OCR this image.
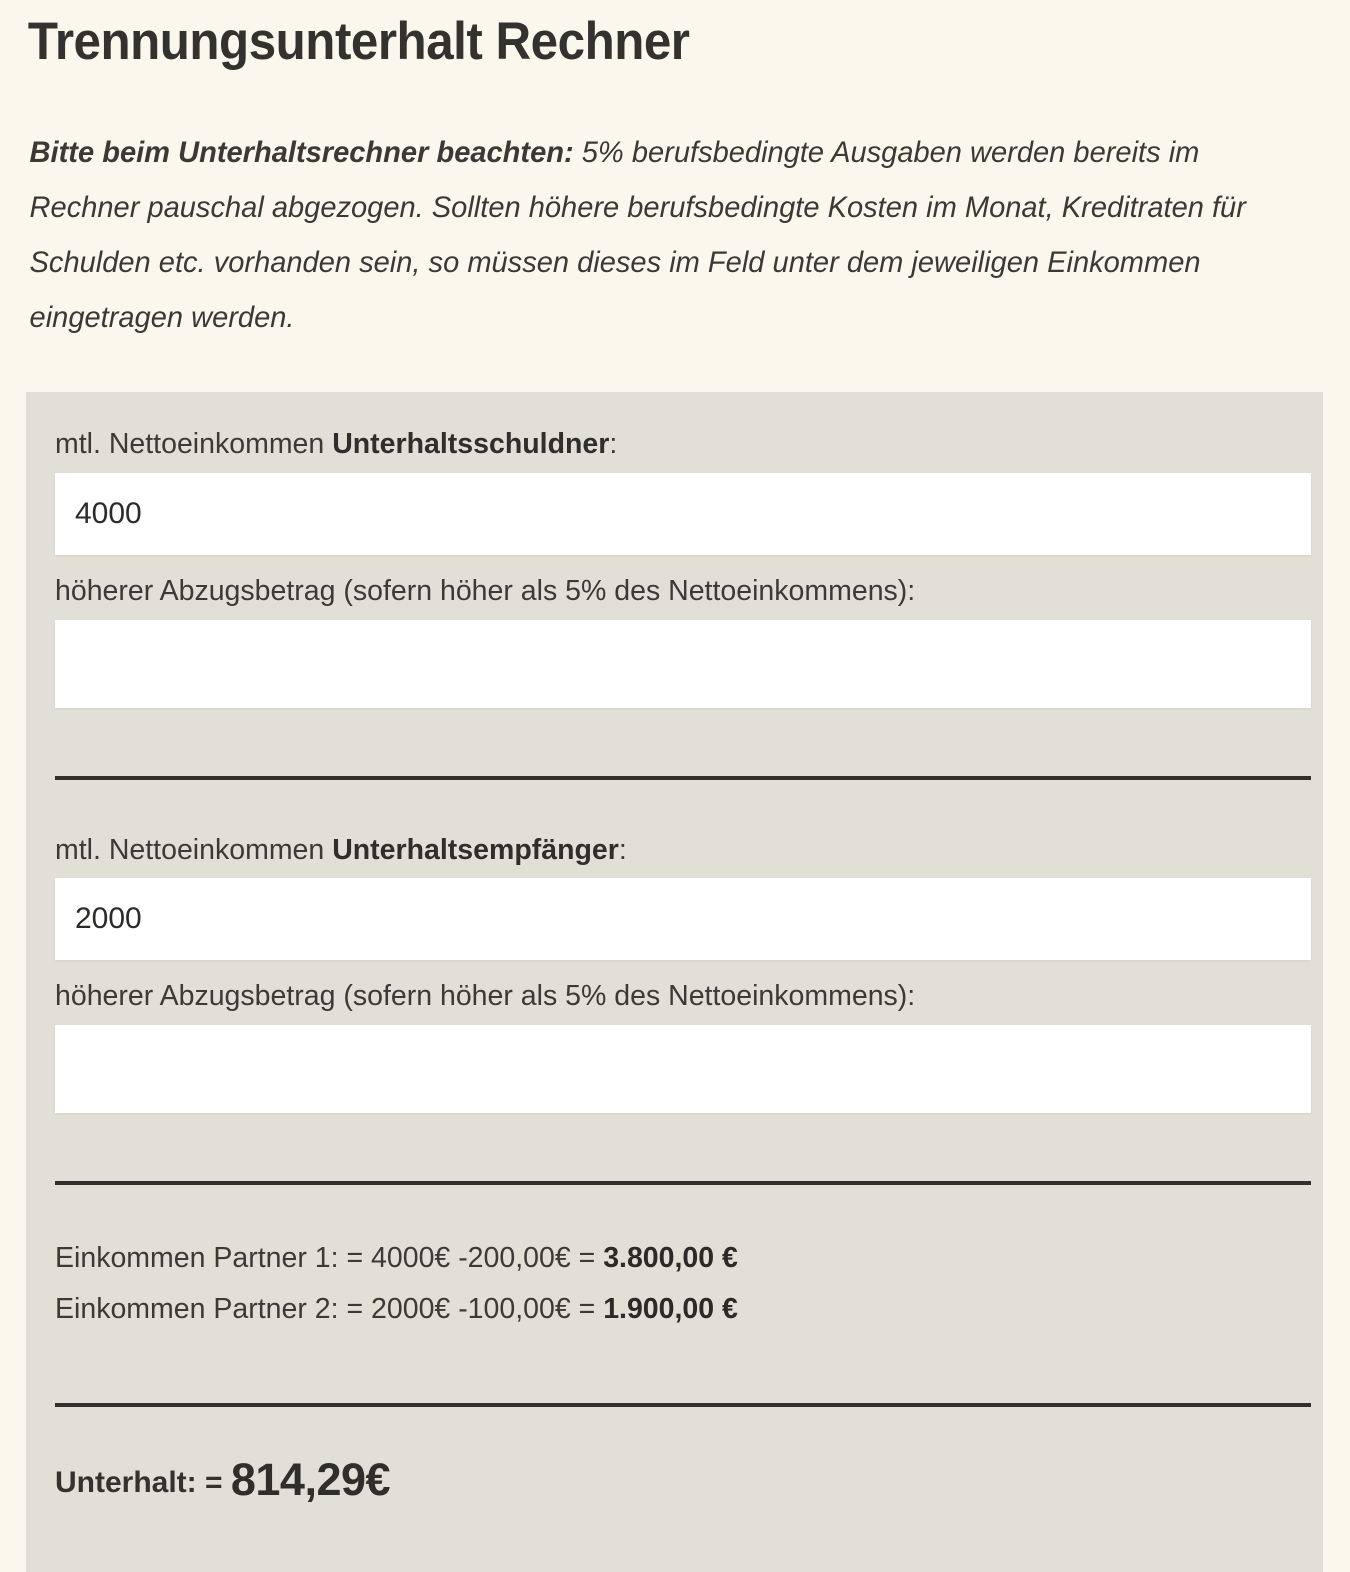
Trennungsunterhalt Rechner

Bitte beim Unterhaltsrechner beachten: 5% berufsbedingte Ausgaben werden bereits im Rechner pauschal abgezogen. Sollten höhere berufsbedingte Kosten im Monat, Kreditraten für Schulden etc. vorhanden sein, so müssen dieses im Feld unter dem jeweiligen Einkommen eingetragen werden.

mtl. Nettoeinkommen Unterhaltsschuldner:

4000

höherer Abzugsbetrag (sofern höher als 5% des Nettoeinkommens):

mtl. Nettoeinkommen Unterhaltsempfänger:

2000

höherer Abzugsbetrag (sofern höher als 5% des Nettoeinkommens):

Einkommen Partner 1: = 4000€ -200,00€ = 3.800,00 €

Einkommen Partner 2: = 2000€ -100,00€ = 1.900,00 €

Unterhalt: = 814,29€
